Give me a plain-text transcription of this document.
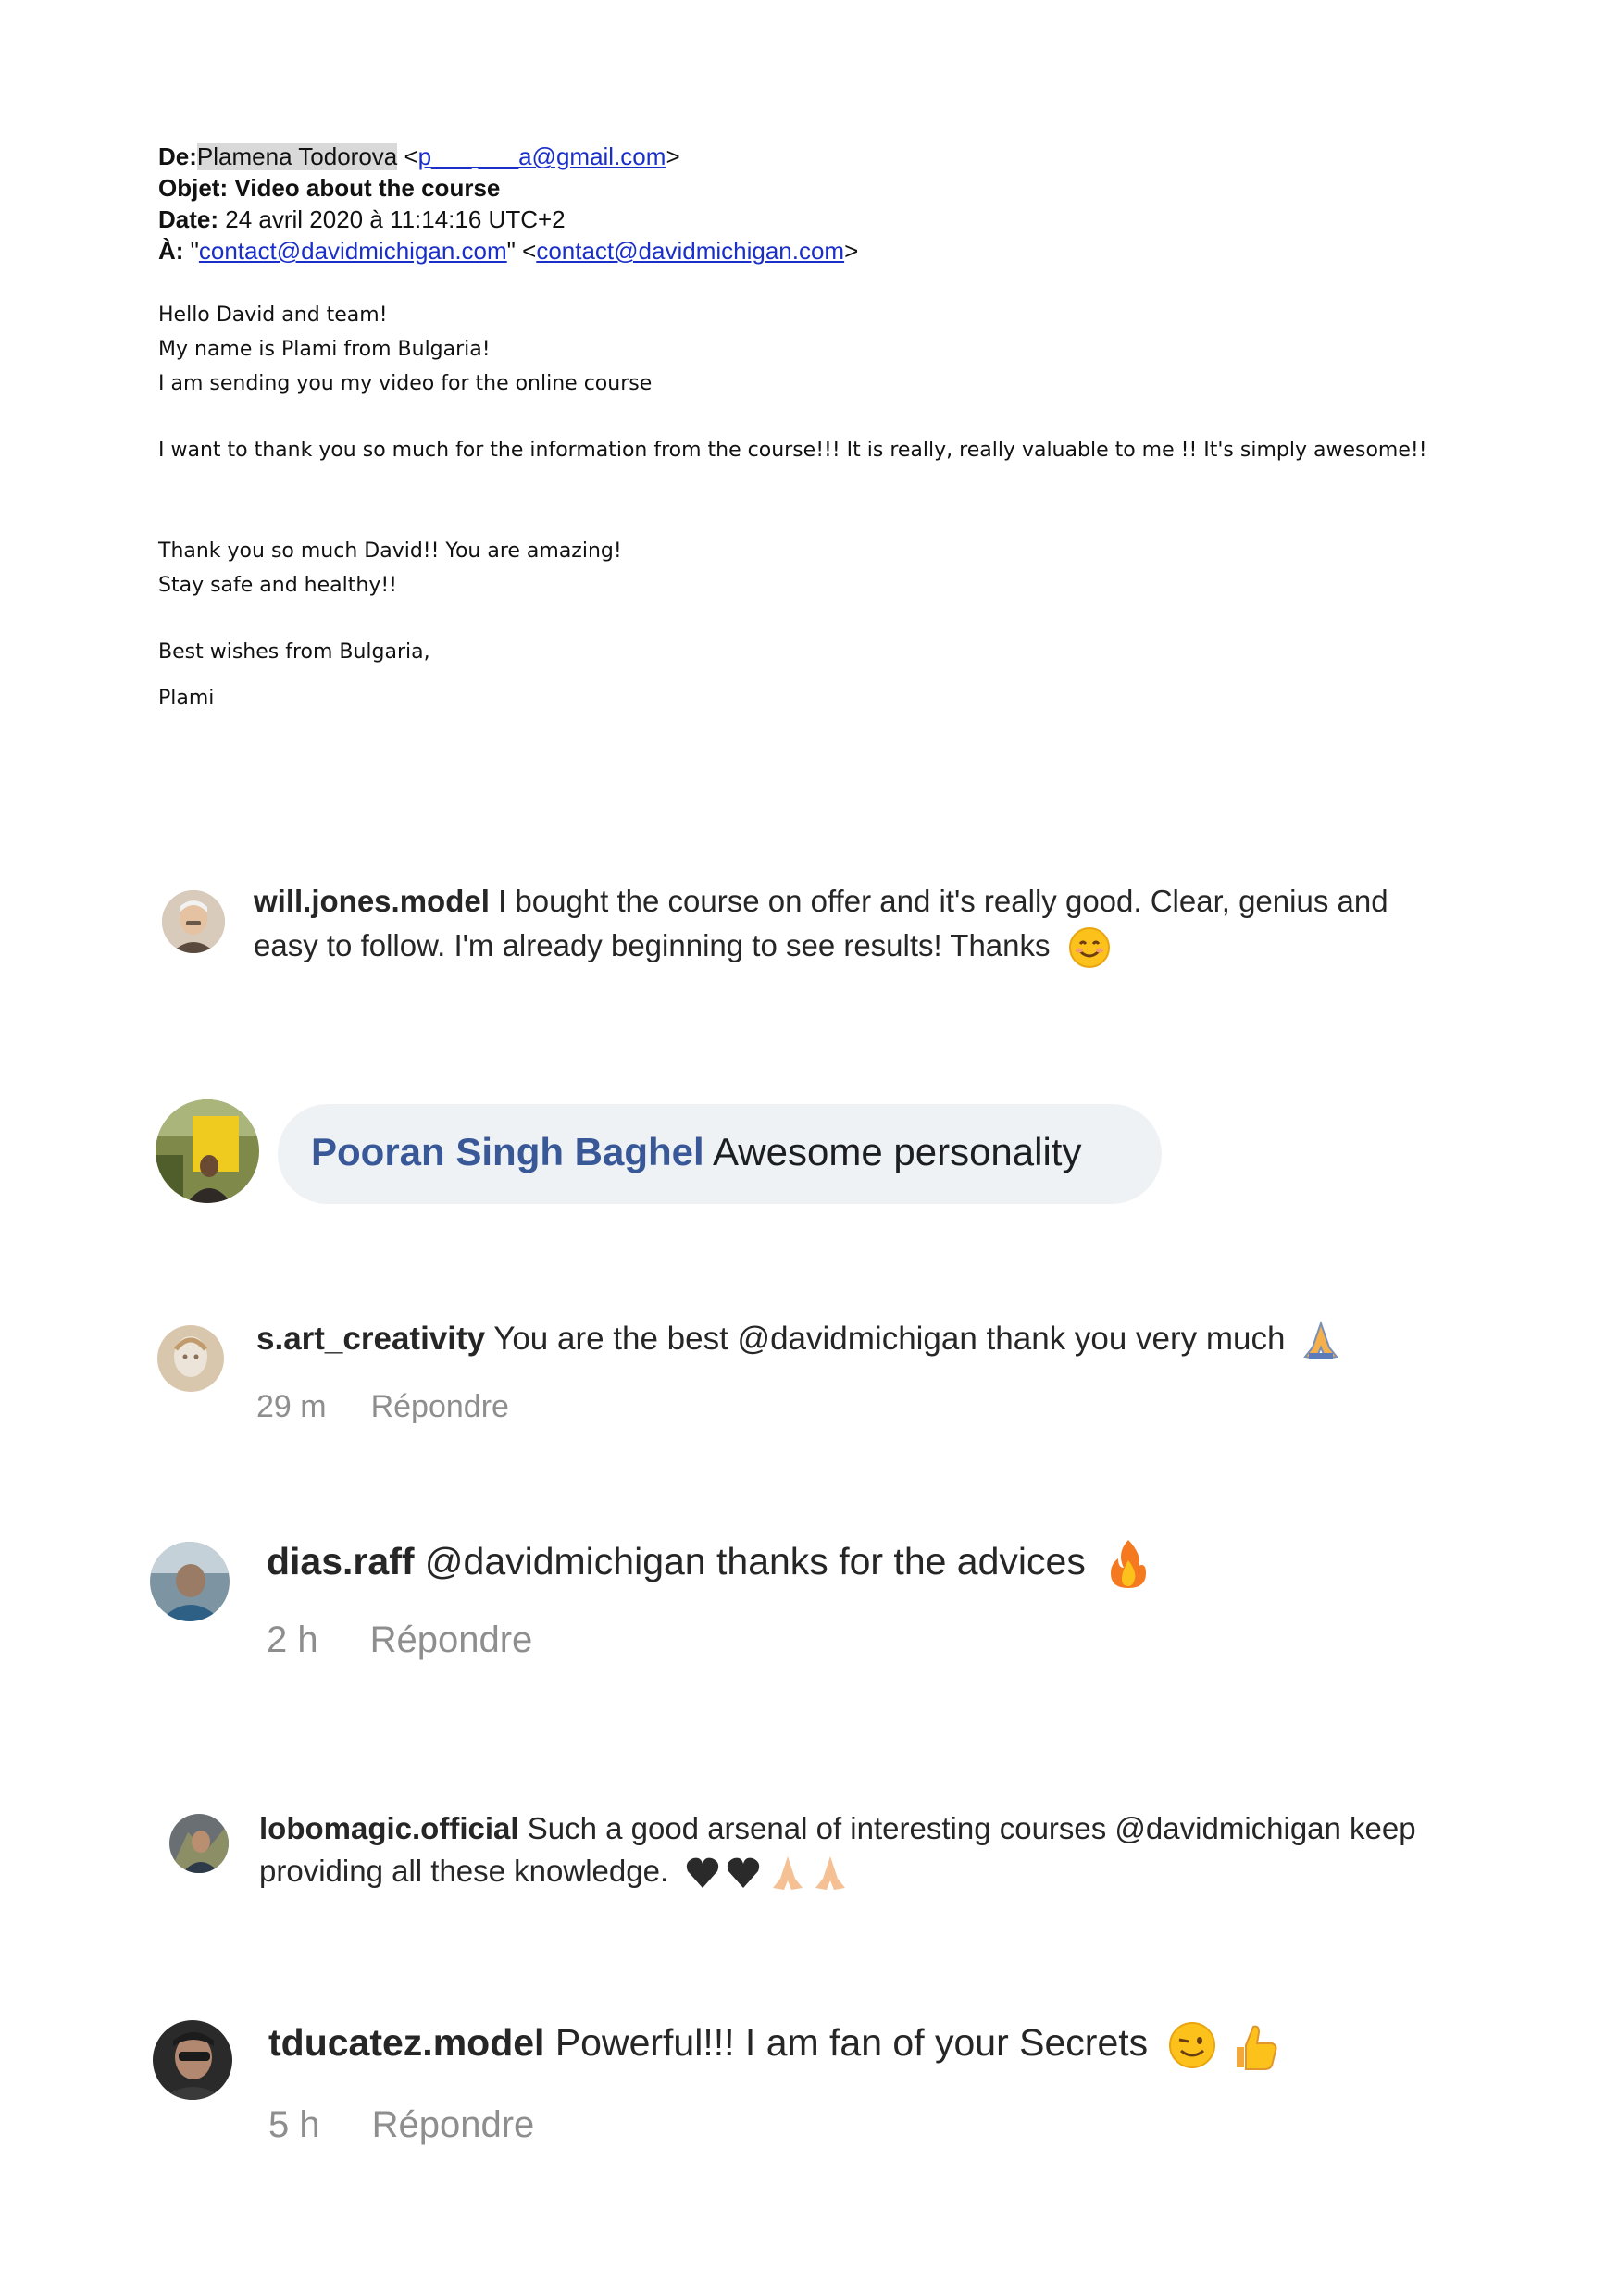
De:Plamena Todorova <p___ ___a@gmail.com>
Objet: Video about the course
Date: 24 avril 2020 à 11:14:16 UTC+2
À: "contact@davidmichigan.com" <contact@davidmichigan.com>
Hello David and team!
My name is Plami from Bulgaria!
I am sending you my video for the online course
I want to thank you so much for the information from the course!!! It is really, really valuable to me !! It's simply awesome!!
Thank you so much David!! You are amazing!
Stay safe and healthy!!
Best wishes from Bulgaria,
Plami
will.jones.model I bought the course on offer and it's really good. Clear, genius and
easy to follow. I'm already beginning to see results! Thanks
Pooran Singh Baghel Awesome personality
s.art_creativity You are the best @davidmichigan thank you very much
29 m Répondre
dias.raff @davidmichigan thanks for the advices
2 h Répondre
lobomagic.official Such a good arsenal of interesting courses @davidmichigan keep
providing all these knowledge.
tducatez.model Powerful!!! I am fan of your Secrets
5 h Répondre
